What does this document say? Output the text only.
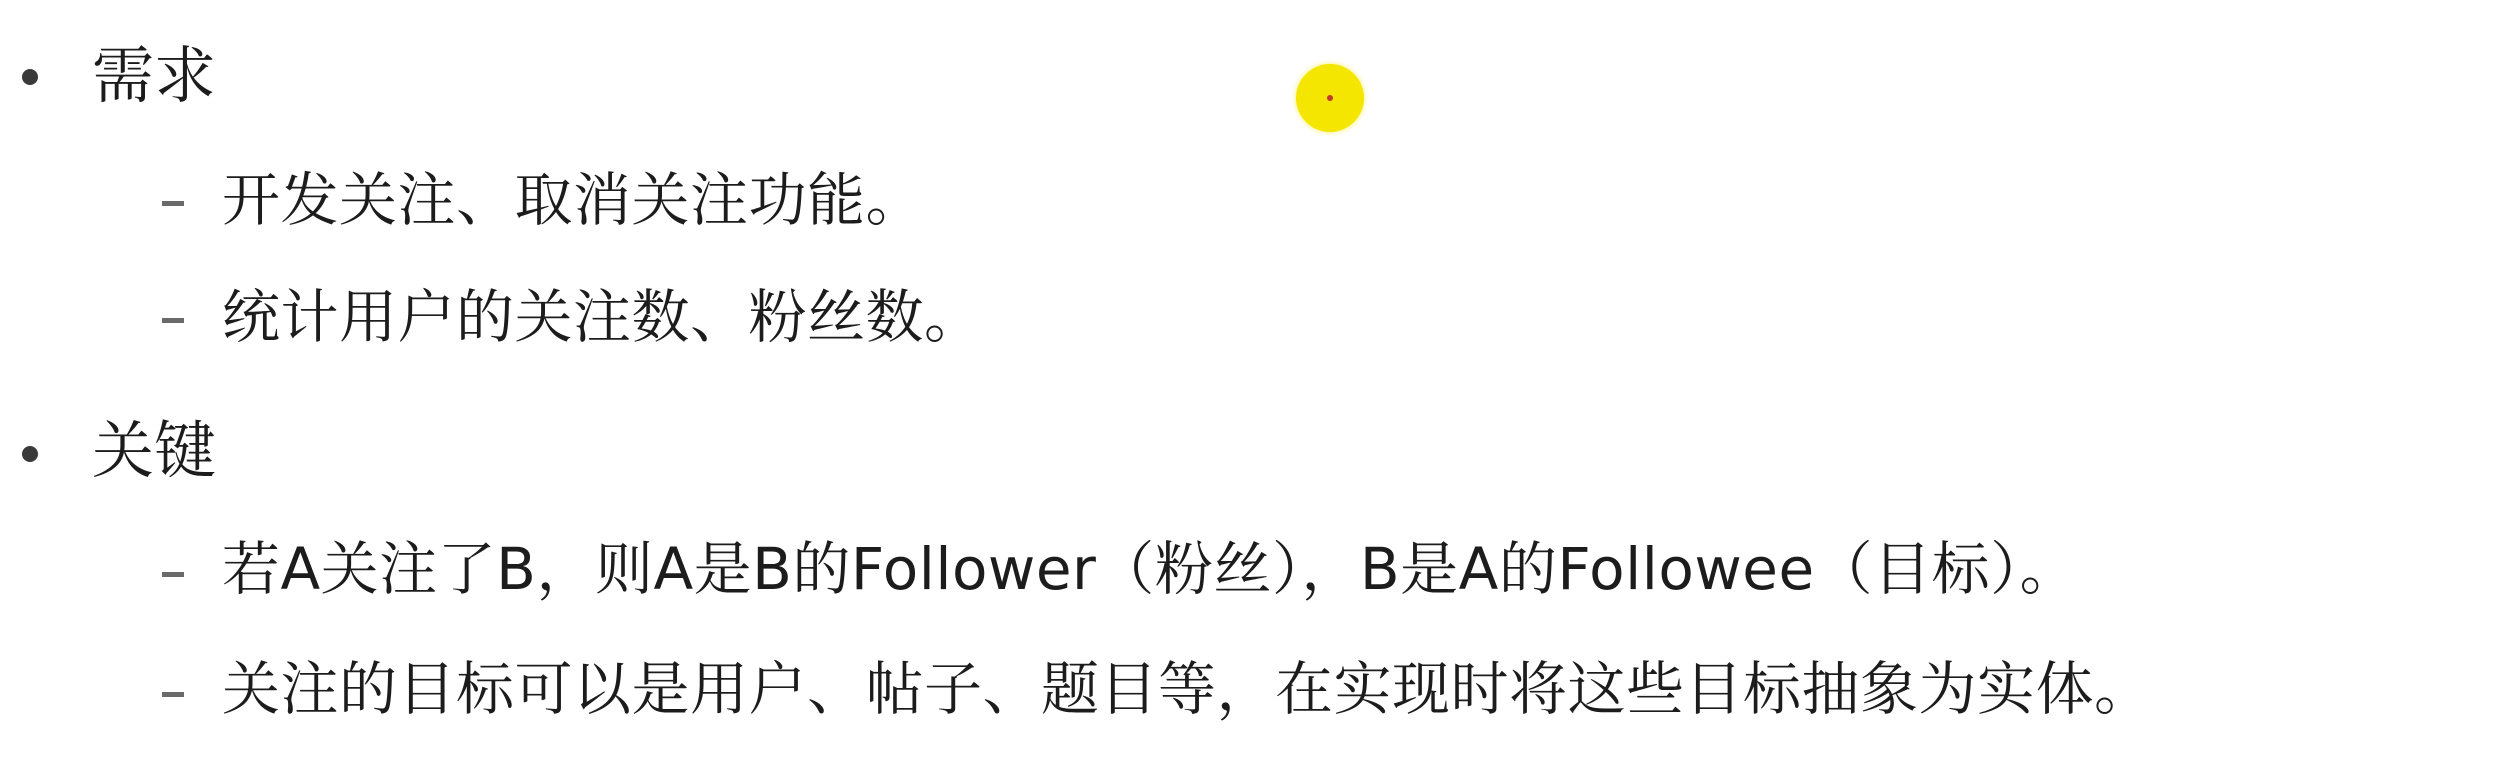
需求
开发关注、取消关注功能。
统计用户的关注数、粉丝数。
关键
若A关注了B，则A是B的Follower（粉丝），B是A的Followee（目标）。
关注的目标可以是用户、帖子、题目等，在实现时将这些目标抽象为实体。
